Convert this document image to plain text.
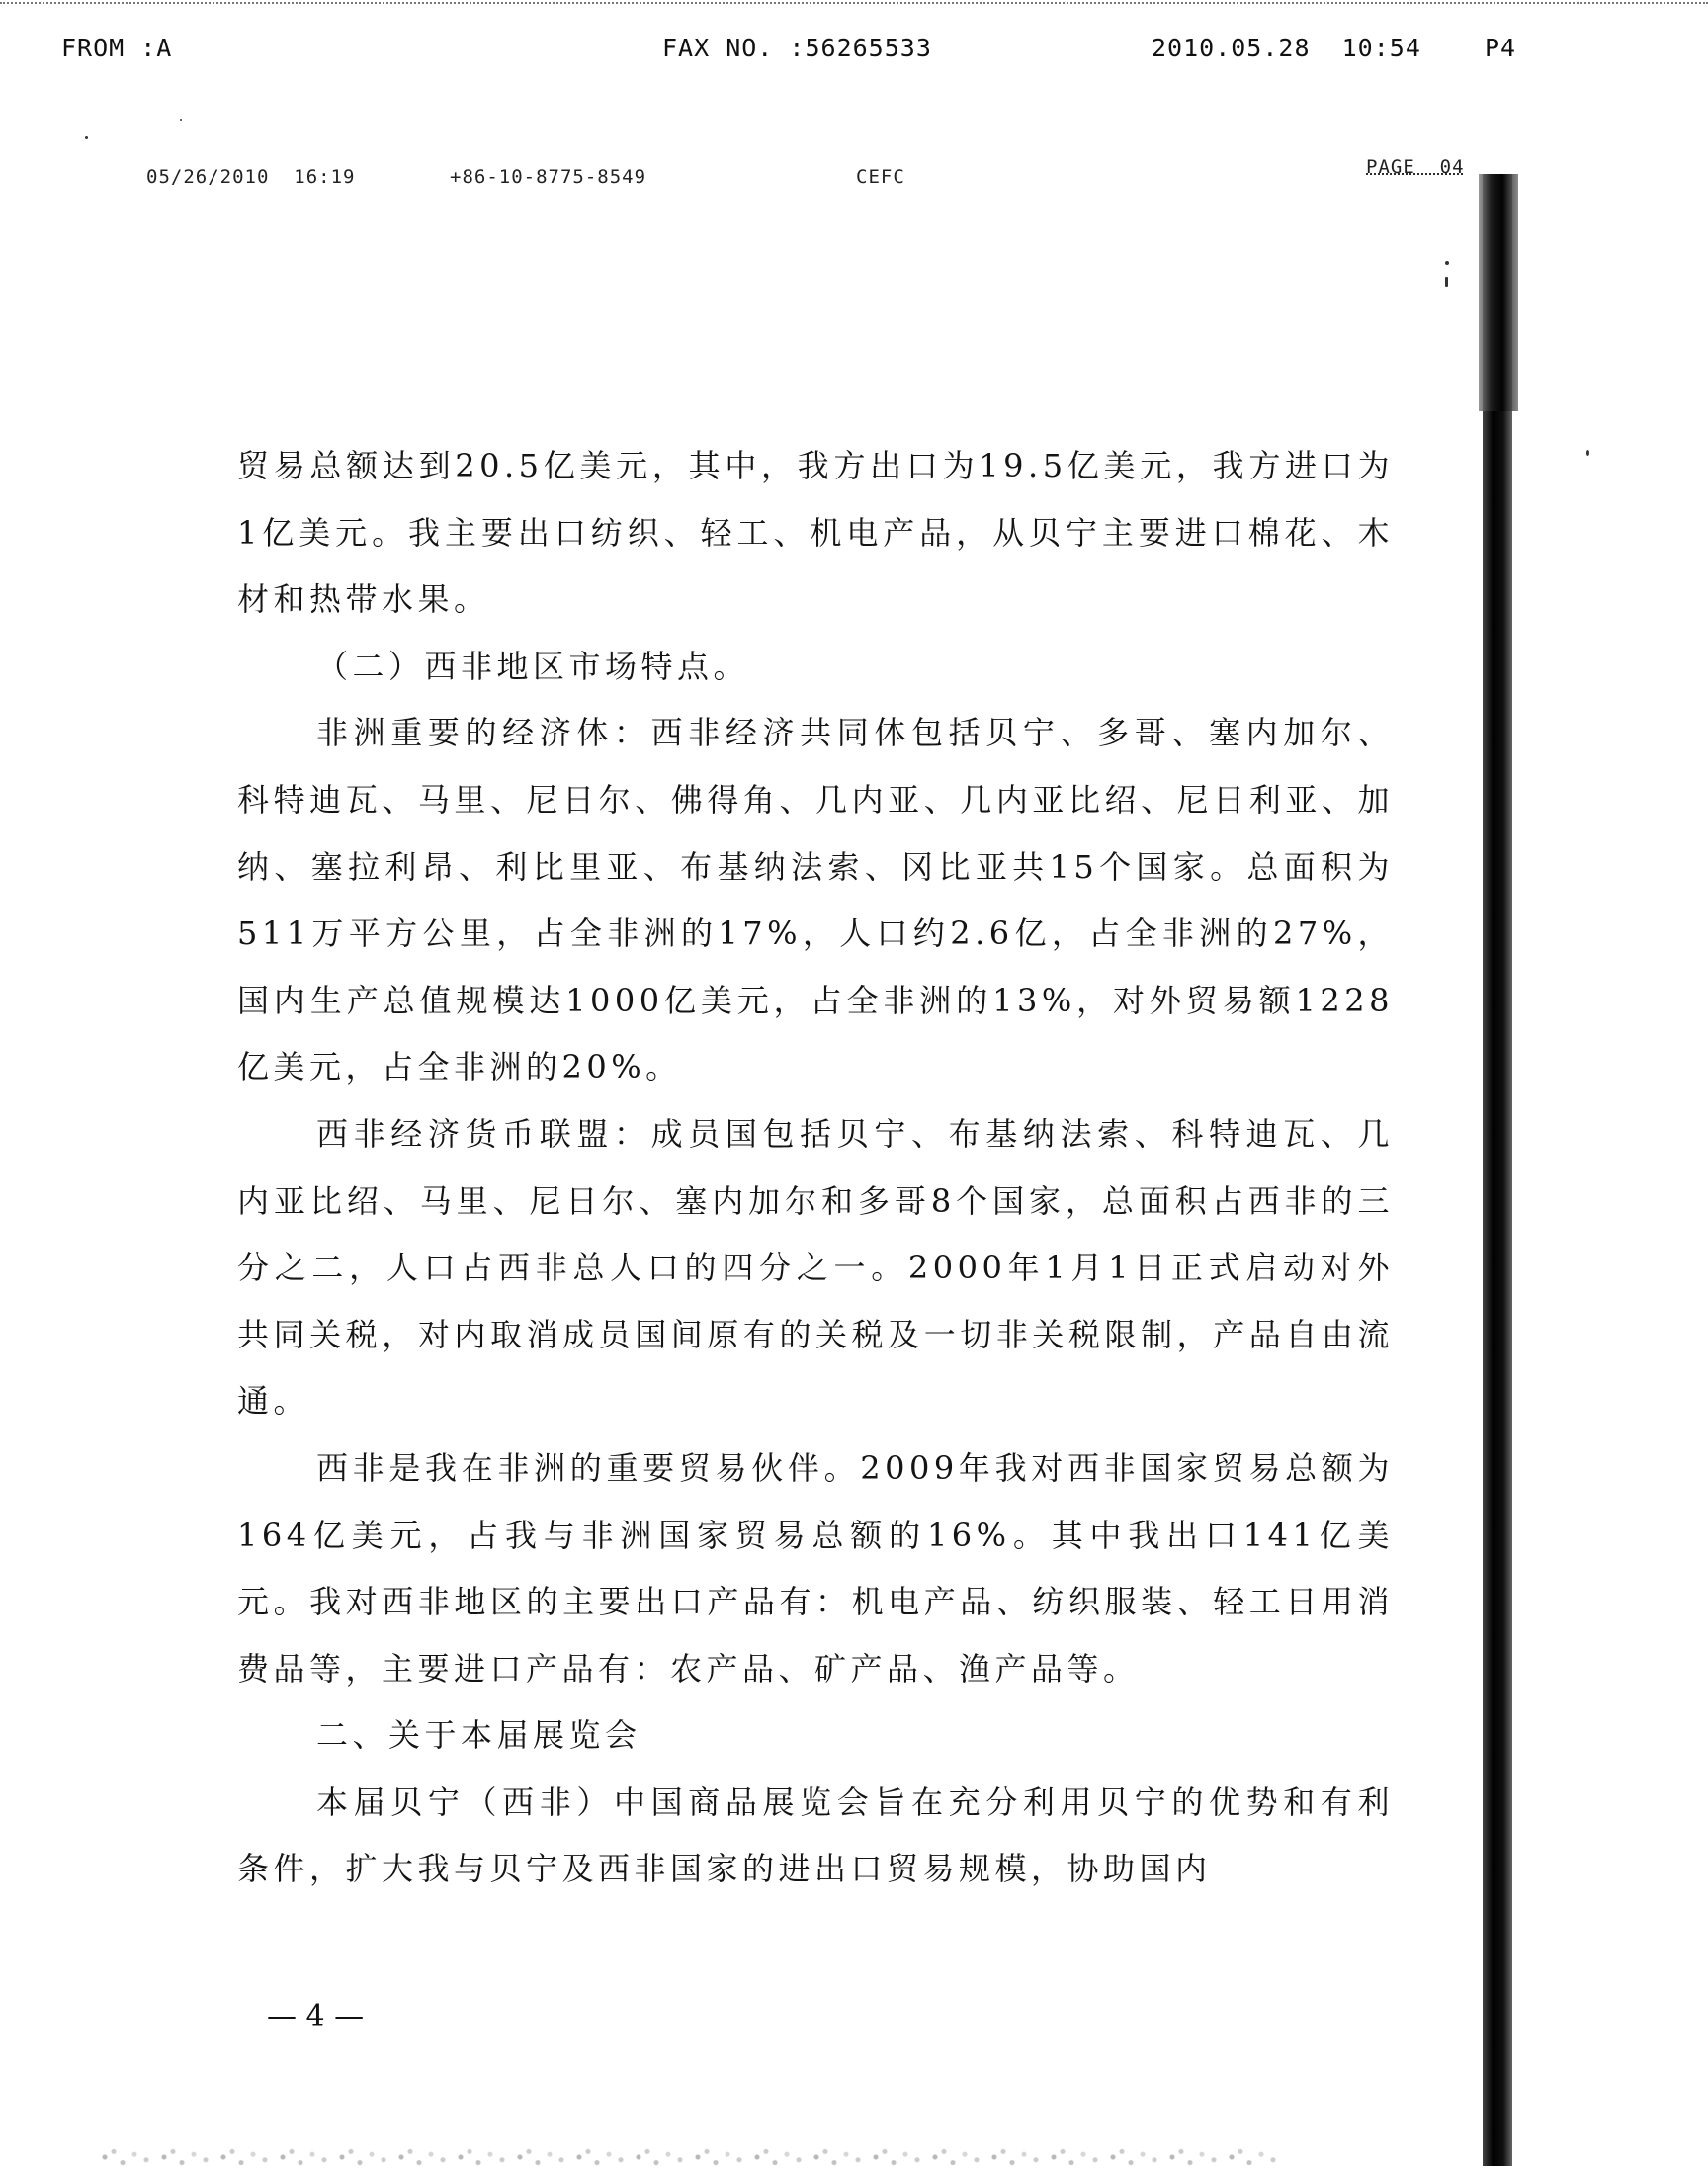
FROM :A	FAX NO. :56265533	2010.05.28  10:54	P4
05/26/2010  16:19	+86-10-8775-8549	CEFC	PAGE  04

贸易总额达到20.5亿美元，其中，我方出口为19.5亿美元，我方进口为1亿美元。我主要出口纺织、轻工、机电产品，从贝宁主要进口棉花、木材和热带水果。

（二）西非地区市场特点。

非洲重要的经济体：西非经济共同体包括贝宁、多哥、塞内加尔、科特迪瓦、马里、尼日尔、佛得角、几内亚、几内亚比绍、尼日利亚、加纳、塞拉利昂、利比里亚、布基纳法索、冈比亚共15个国家。总面积为511万平方公里，占全非洲的17%，人口约2.6亿，占全非洲的27%，国内生产总值规模达1000亿美元，占全非洲的13%，对外贸易额1228亿美元，占全非洲的20%。

西非经济货币联盟：成员国包括贝宁、布基纳法索、科特迪瓦、几内亚比绍、马里、尼日尔、塞内加尔和多哥8个国家，总面积占西非的三分之二，人口占西非总人口的四分之一。2000年1月1日正式启动对外共同关税，对内取消成员国间原有的关税及一切非关税限制，产品自由流通。

西非是我在非洲的重要贸易伙伴。2009年我对西非国家贸易总额为164亿美元，占我与非洲国家贸易总额的16%。其中我出口141亿美元。我对西非地区的主要出口产品有：机电产品、纺织服装、轻工日用消费品等，主要进口产品有：农产品、矿产品、渔产品等。

二、关于本届展览会

本届贝宁（西非）中国商品展览会旨在充分利用贝宁的优势和有利条件，扩大我与贝宁及西非国家的进出口贸易规模，协助国内

— 4 —
